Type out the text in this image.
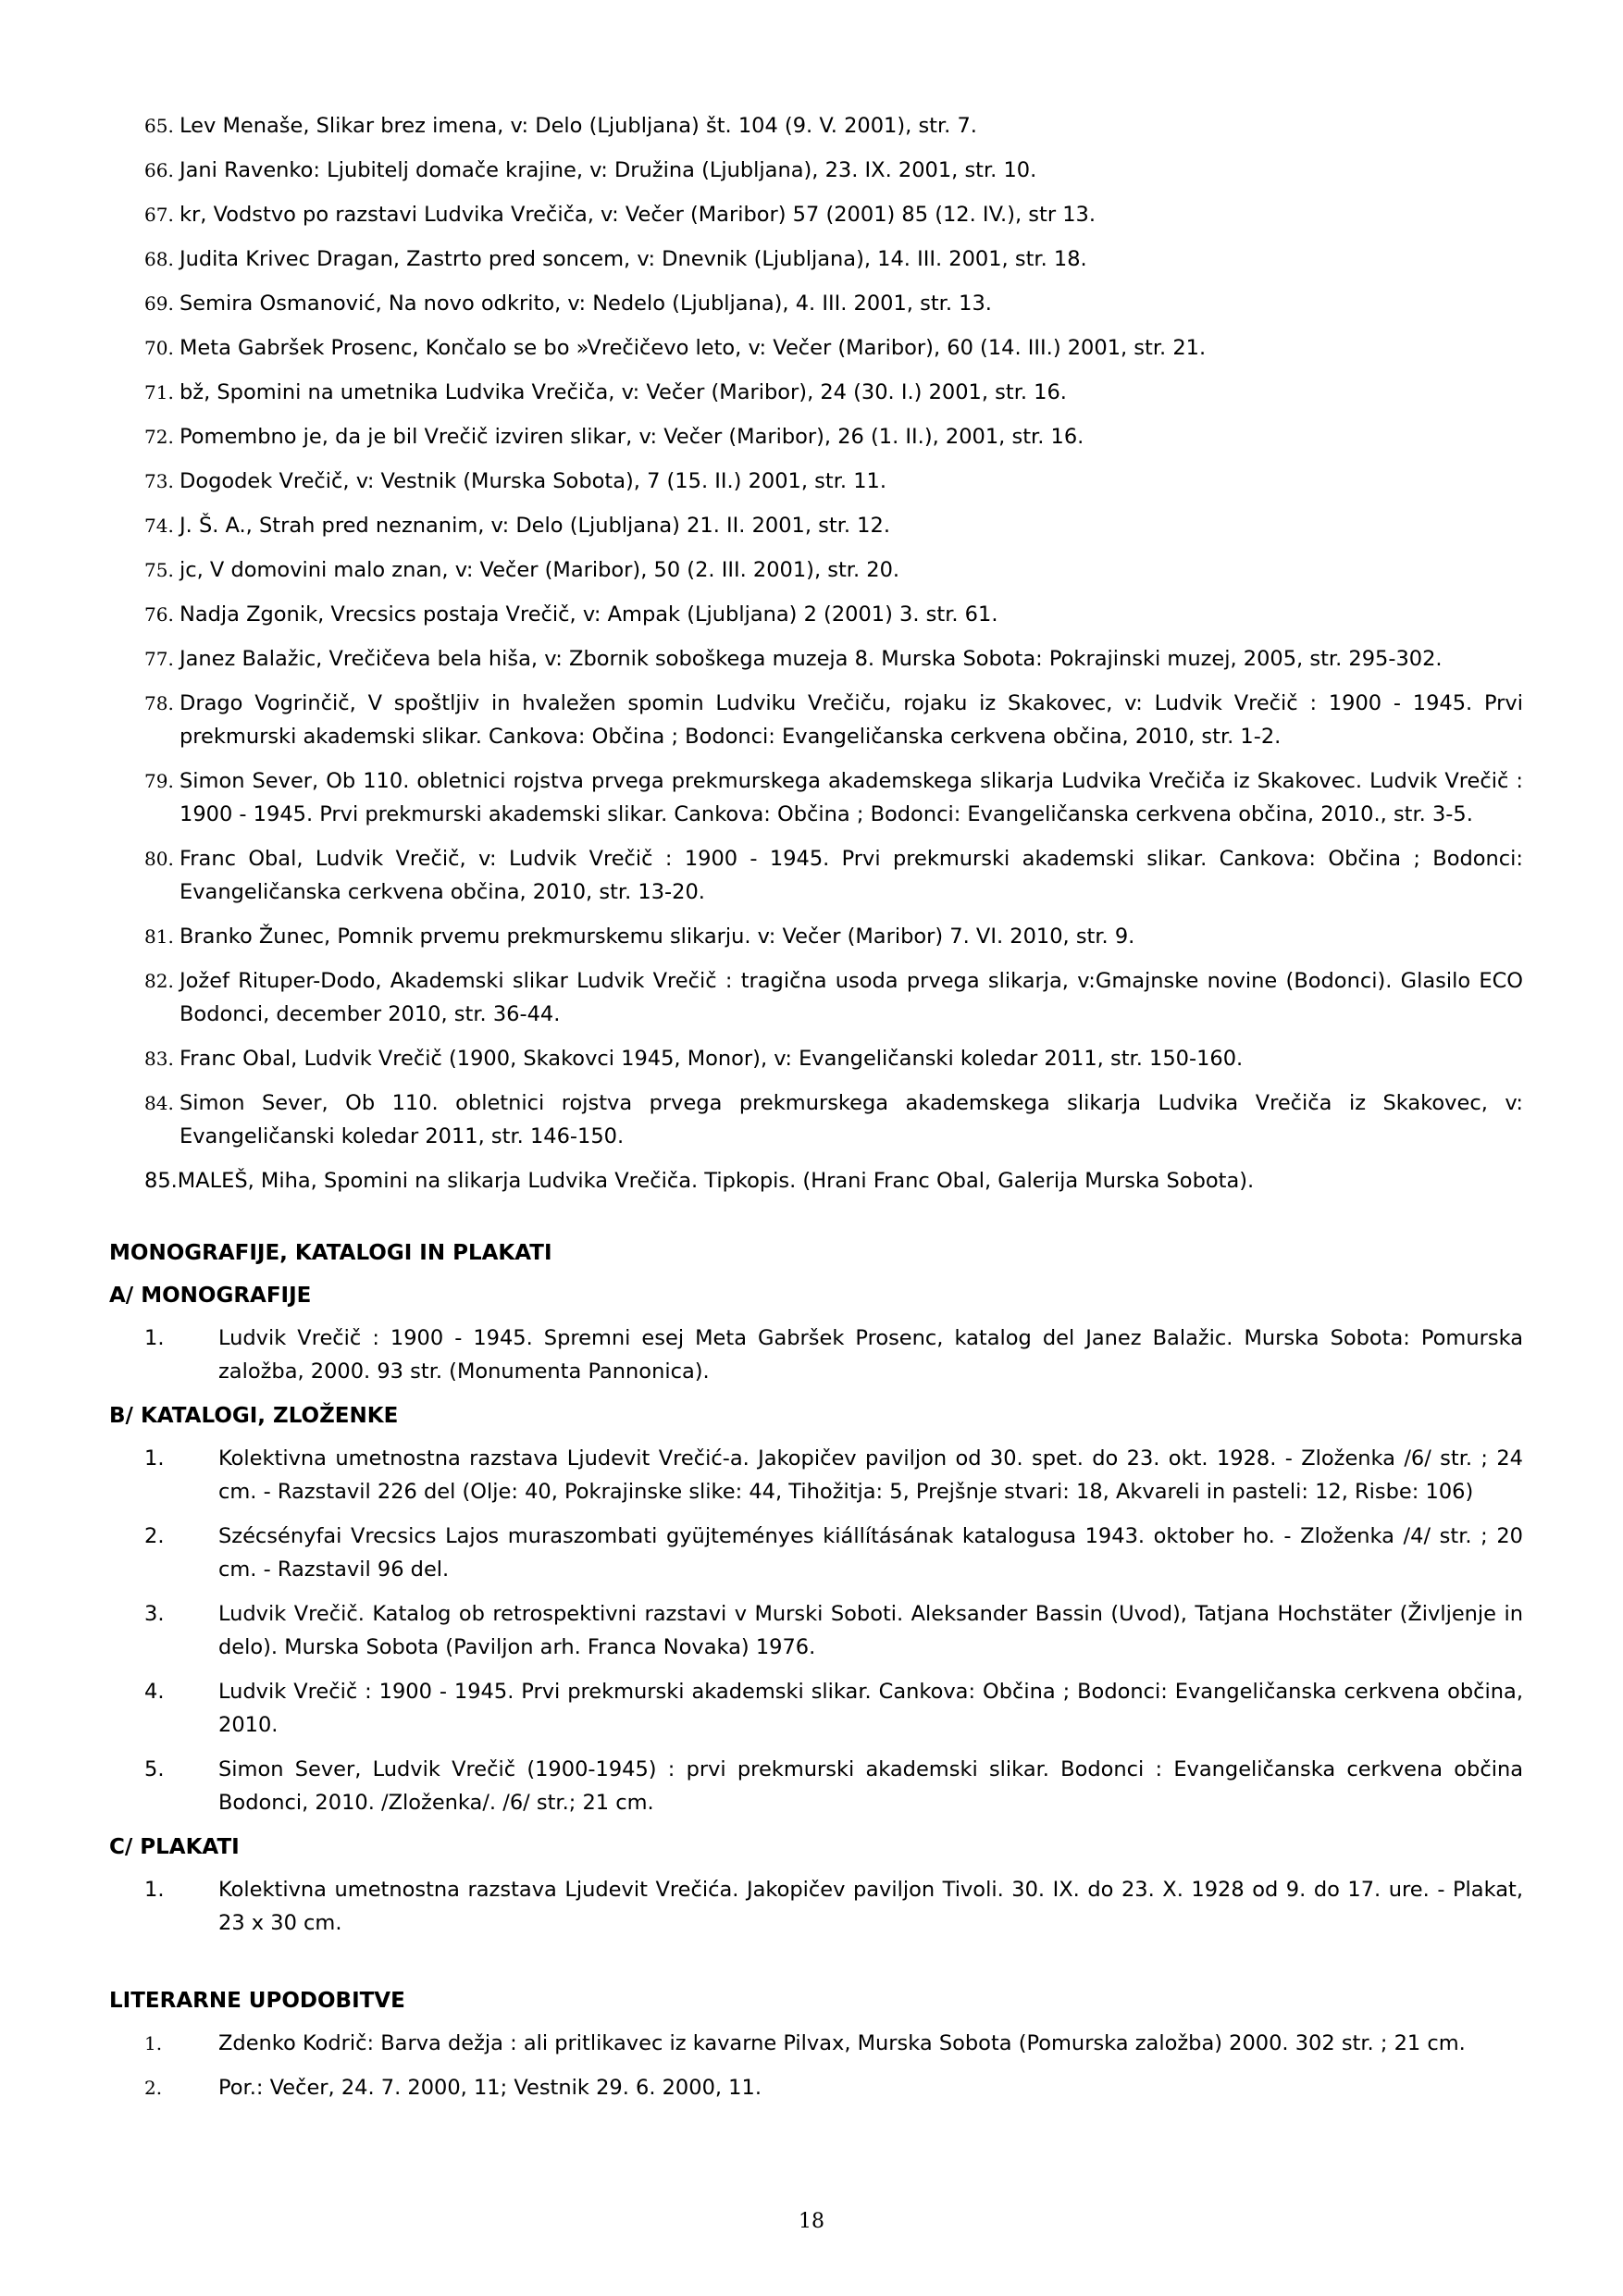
65. Lev Menaše, Slikar brez imena, v: Delo (Ljubljana) št. 104 (9. V. 2001), str. 7.
66. Jani Ravenko: Ljubitelj domače krajine, v: Družina (Ljubljana), 23. IX. 2001, str. 10.
67. kr, Vodstvo po razstavi Ludvika Vrečiča, v: Večer (Maribor) 57 (2001) 85 (12. IV.), str 13.
68. Judita Krivec Dragan, Zastrto pred soncem, v: Dnevnik (Ljubljana), 14. III. 2001, str. 18.
69. Semira Osmanović, Na novo odkrito, v: Nedelo (Ljubljana), 4. III. 2001, str. 13.
70. Meta Gabršek Prosenc, Končalo se bo »Vrečičevo leto, v: Večer (Maribor), 60 (14. III.) 2001, str. 21.
71. bž, Spomini na umetnika Ludvika Vrečiča, v: Večer (Maribor), 24 (30. I.) 2001, str. 16.
72. Pomembno je, da je bil Vrečič izviren slikar, v: Večer (Maribor), 26 (1. II.), 2001, str. 16.
73. Dogodek Vrečič, v: Vestnik (Murska Sobota), 7 (15. II.) 2001, str. 11.
74. J. Š. A., Strah pred neznanim, v: Delo (Ljubljana) 21. II. 2001, str. 12.
75. jc, V domovini malo znan, v: Večer (Maribor), 50 (2. III. 2001), str. 20.
76. Nadja Zgonik, Vrecsics postaja Vrečič, v: Ampak (Ljubljana) 2 (2001) 3. str. 61.
77. Janez Balažic, Vrečičeva bela hiša, v: Zbornik soboškega muzeja 8. Murska Sobota: Pokrajinski muzej, 2005, str. 295-302.
78. Drago Vogrinčič, V spoštljiv in hvaležen spomin Ludviku Vrečiču, rojaku iz Skakovec, v: Ludvik Vrečič : 1900 - 1945. Prvi prekmurski akademski slikar. Cankova: Občina ; Bodonci: Evangeličanska cerkvena občina, 2010, str. 1-2.
79. Simon Sever, Ob 110. obletnici rojstva prvega prekmurskega akademskega slikarja Ludvika Vrečiča iz Skakovec. Ludvik Vrečič : 1900 - 1945. Prvi prekmurski akademski slikar. Cankova: Občina ; Bodonci: Evangeličanska cerkvena občina, 2010., str. 3-5.
80. Franc Obal, Ludvik Vrečič, v: Ludvik Vrečič : 1900 - 1945. Prvi prekmurski akademski slikar. Cankova: Občina ; Bodonci: Evangeličanska cerkvena občina, 2010, str. 13-20.
81. Branko Žunec, Pomnik prvemu prekmurskemu slikarju. v: Večer (Maribor) 7. VI. 2010, str. 9.
82. Jožef Rituper-Dodo, Akademski slikar Ludvik Vrečič : tragična usoda prvega slikarja, v:Gmajnske novine (Bodonci). Glasilo ECO Bodonci, december 2010, str. 36-44.
83. Franc Obal, Ludvik Vrečič (1900, Skakovci 1945, Monor), v: Evangeličanski koledar 2011, str. 150-160.
84. Simon Sever, Ob 110. obletnici rojstva prvega prekmurskega akademskega slikarja Ludvika Vrečiča iz Skakovec, v: Evangeličanski koledar 2011, str. 146-150.
85.MALEŠ, Miha, Spomini na slikarja Ludvika Vrečiča. Tipkopis. (Hrani Franc Obal, Galerija Murska Sobota).
MONOGRAFIJE, KATALOGI IN PLAKATI
A/ MONOGRAFIJE
1.	Ludvik Vrečič : 1900 - 1945. Spremni esej Meta Gabršek Prosenc, katalog del Janez Balažic. Murska Sobota: Pomurska založba, 2000. 93 str. (Monumenta Pannonica).
B/ KATALOGI, ZLOŽENKE
1.	Kolektivna umetnostna razstava Ljudevit Vrečić-a. Jakopičev paviljon od 30. spet. do 23. okt. 1928. - Zloženka /6/ str. ; 24 cm. - Razstavil 226 del (Olje: 40, Pokrajinske slike: 44, Tihožitja: 5, Prejšnje stvari: 18, Akvareli in pasteli: 12, Risbe: 106)
2.	Szécsényfai Vrecsics Lajos muraszombati gyüjteményes kiállításának katalogusa 1943. oktober ho. - Zloženka /4/ str. ; 20 cm. - Razstavil 96 del.
3.	Ludvik Vrečič. Katalog ob retrospektivni razstavi v Murski Soboti. Aleksander Bassin (Uvod), Tatjana Hochstäter (Življenje in delo). Murska Sobota (Paviljon arh. Franca Novaka) 1976.
4.	Ludvik Vrečič : 1900 - 1945. Prvi prekmurski akademski slikar. Cankova: Občina ; Bodonci: Evangeličanska cerkvena občina, 2010.
5.	Simon Sever, Ludvik Vrečič (1900-1945) : prvi prekmurski akademski slikar. Bodonci : Evangeličanska cerkvena občina Bodonci, 2010. /Zloženka/. /6/ str.; 21 cm.
C/ PLAKATI
1.	Kolektivna umetnostna razstava Ljudevit Vrečića. Jakopičev paviljon Tivoli. 30. IX. do 23. X. 1928 od 9. do 17. ure. - Plakat, 23 x 30 cm.
LITERARNE UPODOBITVE
1.	Zdenko Kodrič: Barva dežja : ali pritlikavec iz kavarne Pilvax, Murska Sobota (Pomurska založba) 2000. 302 str. ; 21 cm.
2.	Por.: Večer, 24. 7. 2000, 11; Vestnik 29. 6. 2000, 11.
18
